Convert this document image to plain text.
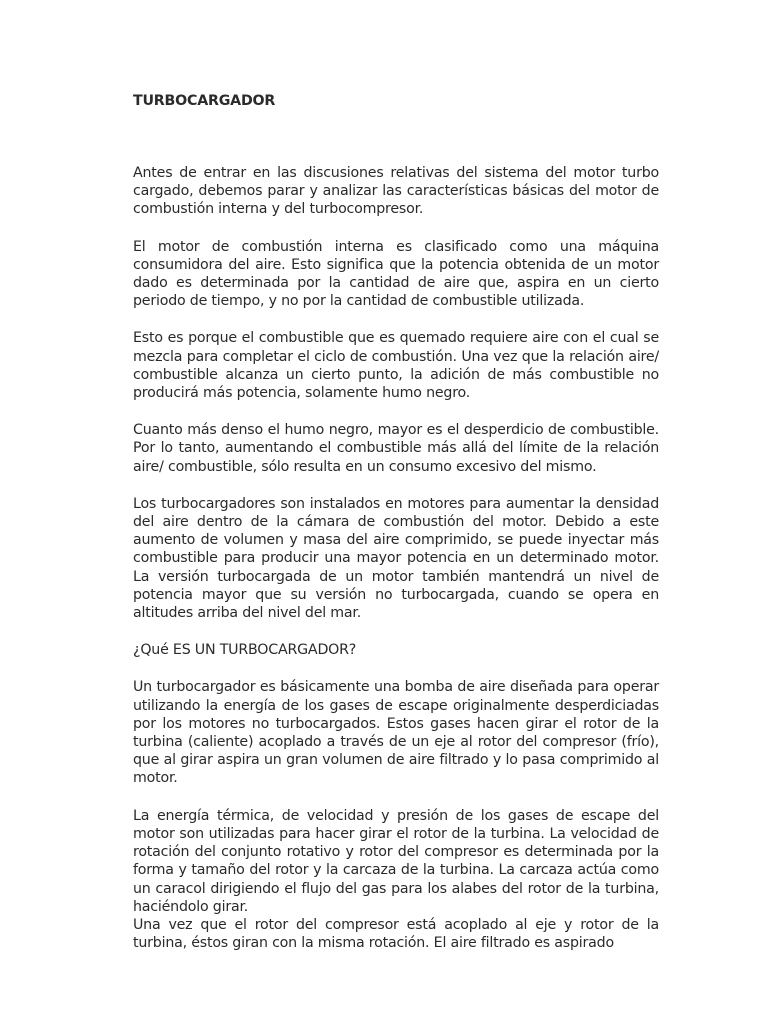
TURBOCARGADOR

Antes de entrar en las discusiones relativas del sistema del motor turbo cargado, debemos parar y analizar las características básicas del motor de combustión interna y del turbocompresor.

El motor de combustión interna es clasificado como una máquina consumidora del aire. Esto significa que la potencia obtenida de un motor dado es determinada por la cantidad de aire que, aspira en un cierto periodo de tiempo, y no por la cantidad de combustible utilizada.

Esto es porque el combustible que es quemado requiere aire con el cual se mezcla para completar el ciclo de combustión. Una vez que la relación aire/ combustible alcanza un cierto punto, la adición de más combustible no producirá más potencia, solamente humo negro.

Cuanto más denso el humo negro, mayor es el desperdicio de combustible. Por lo tanto, aumentando el combustible más allá del límite de la relación aire/ combustible, sólo resulta en un consumo excesivo del mismo.

Los turbocargadores son instalados en motores para aumentar la densidad del aire dentro de la cámara de combustión del motor. Debido a este aumento de volumen y masa del aire comprimido, se puede inyectar más combustible para producir una mayor potencia en un determinado motor. La versión turbocargada de un motor también mantendrá un nivel de potencia mayor que su versión no turbocargada, cuando se opera en altitudes arriba del nivel del mar.

¿Qué ES UN TURBOCARGADOR?

Un turbocargador es básicamente una bomba de aire diseñada para operar utilizando la energía de los gases de escape originalmente desperdiciadas por los motores no turbocargados. Estos gases hacen girar el rotor de la turbina (caliente) acoplado a través de un eje al rotor del compresor (frío), que al girar aspira un gran volumen de aire filtrado y lo pasa comprimido al motor.

La energía térmica, de velocidad y presión de los gases de escape del motor son utilizadas para hacer girar el rotor de la turbina. La velocidad de rotación del conjunto rotativo y rotor del compresor es determinada por la forma y tamaño del rotor y la carcaza de la turbina. La carcaza actúa como un caracol dirigiendo el flujo del gas para los alabes del rotor de la turbina, haciéndolo girar.

Una vez que el rotor del compresor está acoplado al eje y rotor de la turbina, éstos giran con la misma rotación. El aire filtrado es aspirado
